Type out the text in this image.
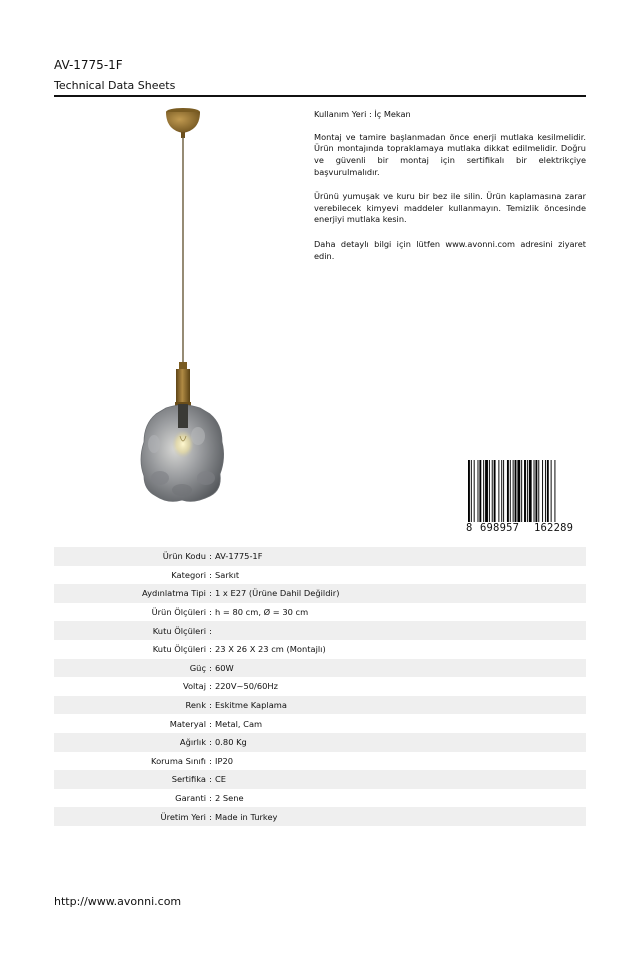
AV-1775-1F
Technical Data Sheets

Kullanım Yeri : İç Mekan

Montaj ve tamire başlanmadan önce enerji mutlaka kesilmelidir. Ürün montajında topraklamaya mutlaka dikkat edilmelidir. Doğru ve güvenli bir montaj için sertifikalı bir elektrikçiye başvurulmalıdır.

Ürünü yumuşak ve kuru bir bez ile silin. Ürün kaplamasına zarar verebilecek kimyevi maddeler kullanmayın. Temizlik öncesinde enerjiyi mutlaka kesin.

Daha detaylı bilgi için lütfen www.avonni.com adresini ziyaret edin.

8 698957 162289
Ürün Kodu : AV-1775-1F
Kategori : Sarkıt
Aydınlatma Tipi : 1 x E27 (Ürüne Dahil Değildir)
Ürün Ölçüleri : h = 80 cm, Ø = 30 cm
Kutu Ölçüleri :
Kutu Ölçüleri : 23 X 26 X 23 cm (Montajlı)
Güç : 60W
Voltaj : 220V~50/60Hz
Renk : Eskitme Kaplama
Materyal : Metal, Cam
Ağırlık : 0.80 Kg
Koruma Sınıfı : IP20
Sertifika : CE
Garanti : 2 Sene
Üretim Yeri : Made in Turkey
http://www.avonni.com
